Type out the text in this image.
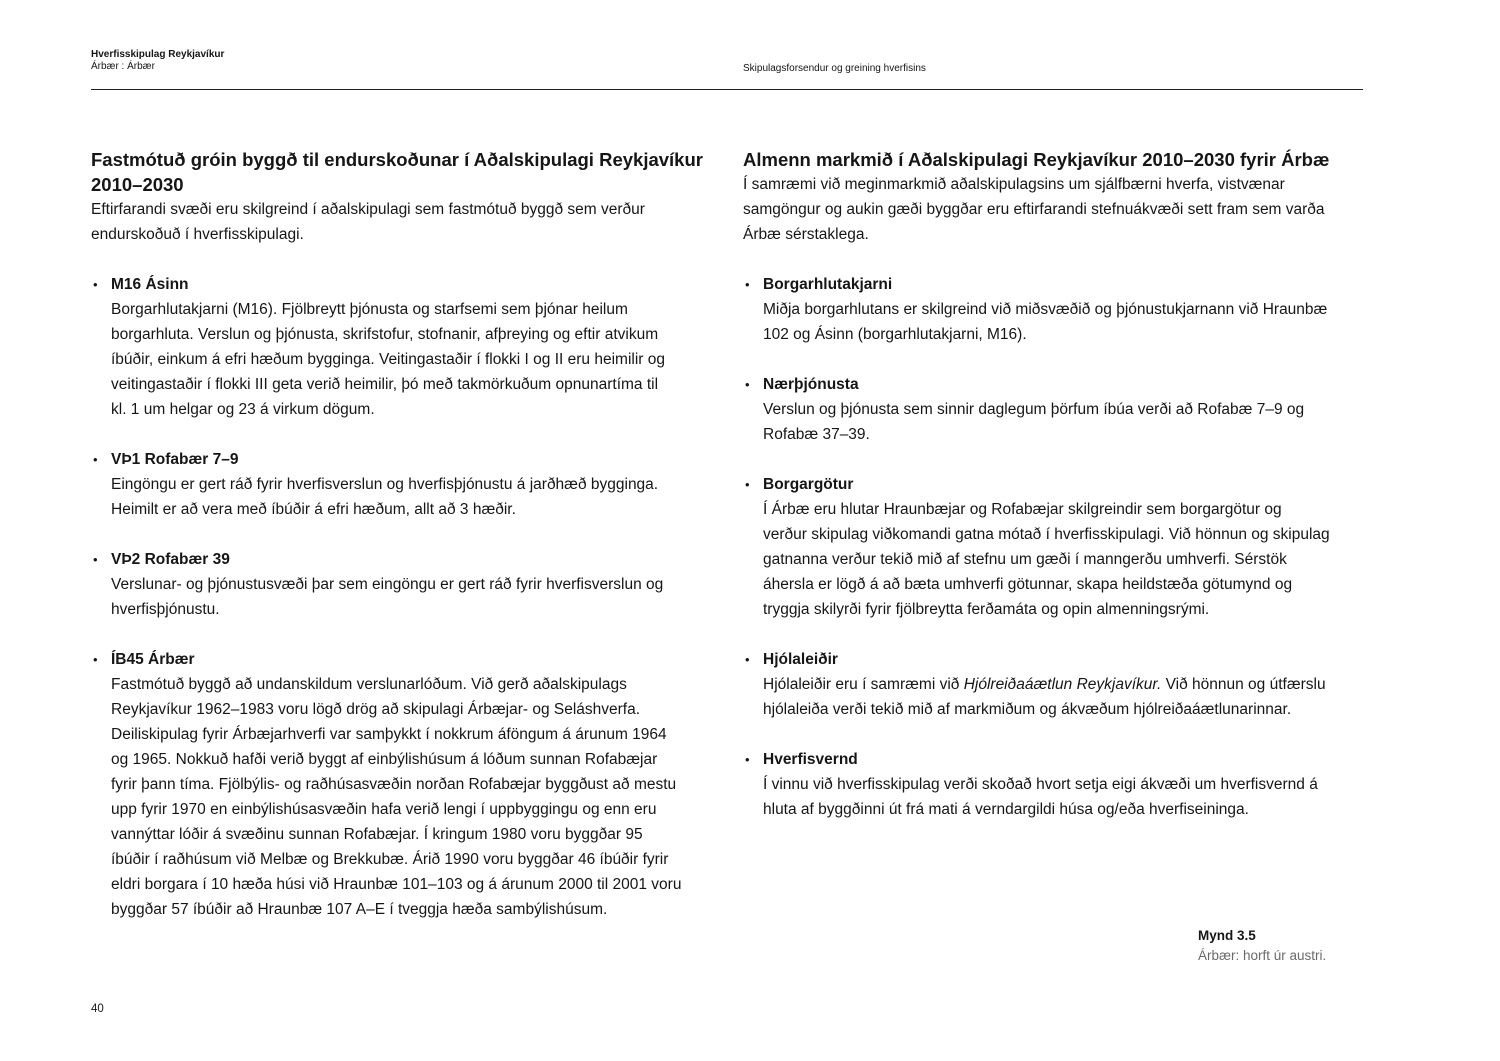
Hverfisskipulag Reykjavíkur
Árbær : Árbær	Skipulagsforsendur og greining hverfisins
Fastmótuð gróin byggð til endurskoðunar í Aðalskipulagi Reykjavíkur
2010–2030
Eftirfarandi svæði eru skilgreind í aðalskipulagi sem fastmótuð byggð sem verður
endurskoðuð í hverfisskipulagi.
• M16 Ásinn
Borgarhlutakjarni (M16). Fjölbreytt þjónusta og starfsemi sem þjónar heilum
borgarhluta. Verslun og þjónusta, skrifstofur, stofnanir, afþreying og eftir atvikum
íbúðir, einkum á efri hæðum bygginga. Veitingastaðir í flokki I og II eru heimilir og
veitingastaðir í flokki III geta verið heimilir, þó með takmörkuðum opnunartíma til
kl. 1 um helgar og 23 á virkum dögum.
• VÞ1 Rofabær 7–9
Eingöngu er gert ráð fyrir hverfisverslun og hverfisþjónustu á jarðhæð bygginga.
Heimilt er að vera með íbúðir á efri hæðum, allt að 3 hæðir.
• VÞ2 Rofabær 39
Verslunar- og þjónustusvæði þar sem eingöngu er gert ráð fyrir hverfisverslun og
hverfisþjónustu.
• ÍB45 Árbær
Fastmótuð byggð að undanskildum verslunarlóðum. Við gerð aðalskipulags
Reykjavíkur 1962–1983 voru lögð drög að skipulagi Árbæjar- og Seláshverfa.
Deiliskipulag fyrir Árbæjarhverfi var samþykkt í nokkrum áföngum á árunum 1964
og 1965. Nokkuð hafði verið byggt af einbýlishúsum á lóðum sunnan Rofabæjar
fyrir þann tíma. Fjölbýlis- og raðhúsasvæðin norðan Rofabæjar byggðust að mestu
upp fyrir 1970 en einbýlishúsasvæðin hafa verið lengi í uppbyggingu og enn eru
vannýttar lóðir á svæðinu sunnan Rofabæjar. Í kringum 1980 voru byggðar 95
íbúðir í raðhúsum við Melbæ og Brekkubæ. Árið 1990 voru byggðar 46 íbúðir fyrir
eldri borgara í 10 hæða húsi við Hraunbæ 101–103 og á árunum 2000 til 2001 voru
byggðar 57 íbúðir að Hraunbæ 107 A–E í tveggja hæða sambýlishúsum.
Almenn markmið í Aðalskipulagi Reykjavíkur 2010–2030 fyrir Árbæ
Í samræmi við meginmarkmið aðalskipulagsins um sjálfbærni hverfa, vistvænar
samgöngur og aukin gæði byggðar eru eftirfarandi stefnuákvæði sett fram sem varða
Árbæ sérstaklega.
• Borgarhlutakjarni
Miðja borgarhlutans er skilgreind við miðsvæðið og þjónustukjarnann við Hraunbæ
102 og Ásinn (borgarhlutakjarni, M16).
• Nærþjónusta
Verslun og þjónusta sem sinnir daglegum þörfum íbúa verði að Rofabæ 7–9 og
Rofabæ 37–39.
• Borgargötur
Í Árbæ eru hlutar Hraunbæjar og Rofabæjar skilgreindir sem borgargötur og
verður skipulag viðkomandi gatna mótað í hverfisskipulagi. Við hönnun og skipulag
gatnanna verður tekið mið af stefnu um gæði í manngerðu umhverfi. Sérstök
áhersla er lögð á að bæta umhverfi götunnar, skapa heildstæða götumynd og
tryggja skilyrði fyrir fjölbreytta ferðamáta og opin almenningsrými.
• Hjólaleiðir
Hjólaleiðir eru í samræmi við Hjólreiðaáætlun Reykjavíkur. Við hönnun og útfærslu
hjólaleiða verði tekið mið af markmiðum og ákvæðum hjólreiðaáætlunarinnar.
• Hverfisvernd
Í vinnu við hverfisskipulag verði skoðað hvort setja eigi ákvæði um hverfisvernd á
hluta af byggðinni út frá mati á verndargildi húsa og/eða hverfiseininga.
Mynd 3.5
Árbær: horft úr austri.
40
